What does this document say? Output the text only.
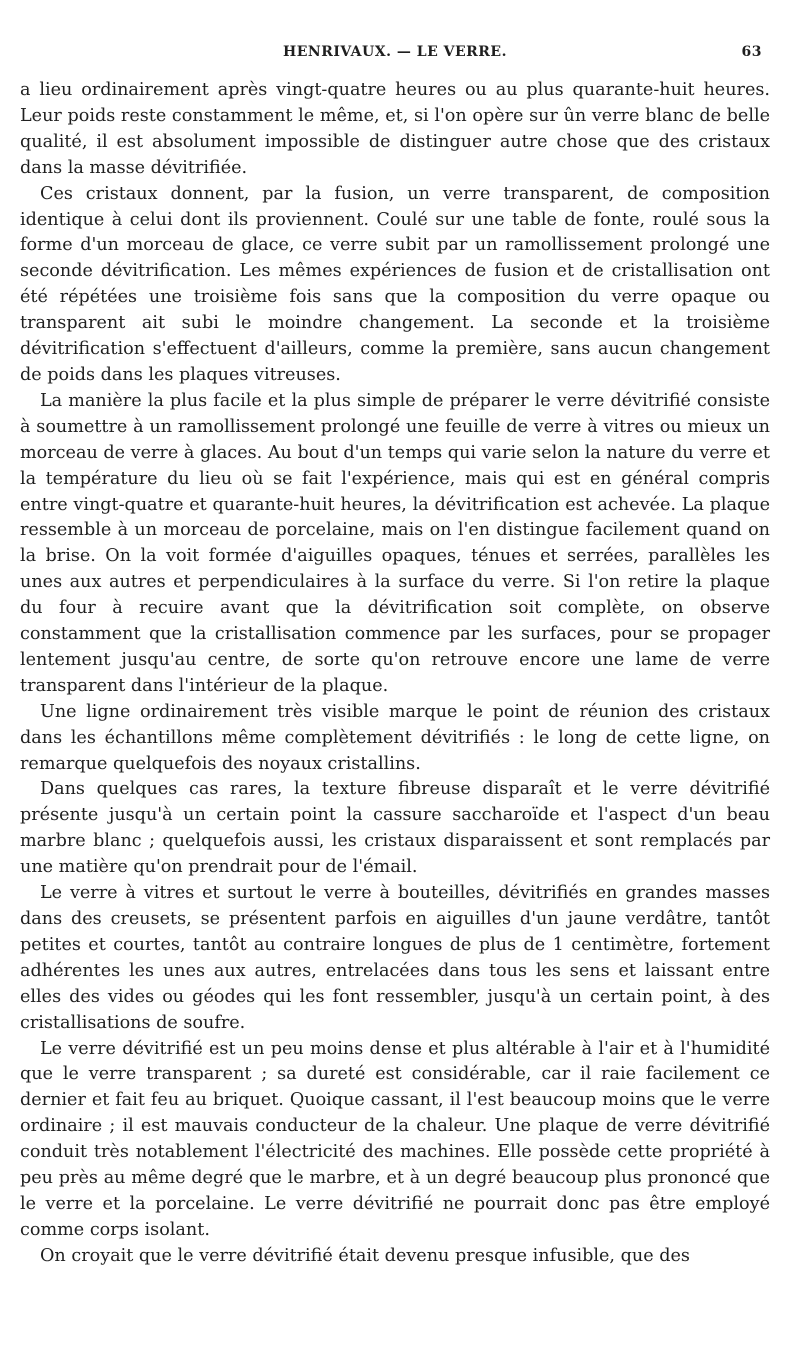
HENRIVAUX. — LE VERRE.	63

a lieu ordinairement après vingt-quatre heures ou au plus quarante-huit heures. Leur poids reste constamment le même, et, si l'on opère sur ûn verre blanc de belle qualité, il est absolument impossible de distinguer autre chose que des cristaux dans la masse dévitrifiée.

Ces cristaux donnent, par la fusion, un verre transparent, de composition identique à celui dont ils proviennent. Coulé sur une table de fonte, roulé sous la forme d'un morceau de glace, ce verre subit par un ramollissement prolongé une seconde dévitrification. Les mêmes expériences de fusion et de cristallisation ont été répétées une troisième fois sans que la composition du verre opaque ou transparent ait subi le moindre changement. La seconde et la troisième dévitrification s'effectuent d'ailleurs, comme la première, sans aucun changement de poids dans les plaques vitreuses.

La manière la plus facile et la plus simple de préparer le verre dévitrifié consiste à soumettre à un ramollissement prolongé une feuille de verre à vitres ou mieux un morceau de verre à glaces. Au bout d'un temps qui varie selon la nature du verre et la température du lieu où se fait l'expérience, mais qui est en général compris entre vingt-quatre et quarante-huit heures, la dévitrification est achevée. La plaque ressemble à un morceau de porcelaine, mais on l'en distingue facilement quand on la brise. On la voit formée d'aiguilles opaques, ténues et serrées, parallèles les unes aux autres et perpendiculaires à la surface du verre. Si l'on retire la plaque du four à recuire avant que la dévitrification soit complète, on observe constamment que la cristallisation commence par les surfaces, pour se propager lentement jusqu'au centre, de sorte qu'on retrouve encore une lame de verre transparent dans l'intérieur de la plaque.

Une ligne ordinairement très visible marque le point de réunion des cristaux dans les échantillons même complètement dévitrifiés : le long de cette ligne, on remarque quelquefois des noyaux cristallins.

Dans quelques cas rares, la texture fibreuse disparaît et le verre dévitrifié présente jusqu'à un certain point la cassure saccharoïde et l'aspect d'un beau marbre blanc ; quelquefois aussi, les cristaux disparaissent et sont remplacés par une matière qu'on prendrait pour de l'émail.

Le verre à vitres et surtout le verre à bouteilles, dévitrifiés en grandes masses dans des creusets, se présentent parfois en aiguilles d'un jaune verdâtre, tantôt petites et courtes, tantôt au contraire longues de plus de 1 centimètre, fortement adhérentes les unes aux autres, entrelacées dans tous les sens et laissant entre elles des vides ou géodes qui les font ressembler, jusqu'à un certain point, à des cristallisations de soufre.

Le verre dévitrifié est un peu moins dense et plus altérable à l'air et à l'humidité que le verre transparent ; sa dureté est considérable, car il raie facilement ce dernier et fait feu au briquet. Quoique cassant, il l'est beaucoup moins que le verre ordinaire ; il est mauvais conducteur de la chaleur. Une plaque de verre dévitrifié conduit très notablement l'électricité des machines. Elle possède cette propriété à peu près au même degré que le marbre, et à un degré beaucoup plus prononcé que le verre et la porcelaine. Le verre dévitrifié ne pourrait donc pas être employé comme corps isolant.

On croyait que le verre dévitrifié était devenu presque infusible, que des
